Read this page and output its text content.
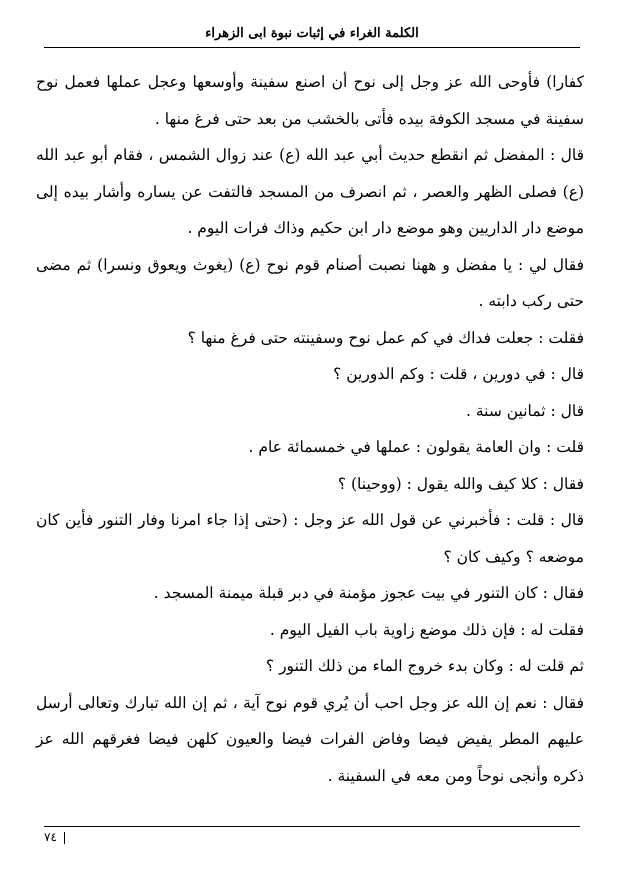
الكلمة الغراء في إثبات نبوة ابى الزهراء

كفارا) فأوحى الله عز وجل إلى نوح أن اصنع سفينة وأوسعها وعجل عملها فعمل نوح سفينة في مسجد الكوفة بيده فأتى بالخشب من بعد حتى فرغ منها .

قال : المفضل ثم انقطع حديث أبي عبد الله (ع) عند زوال الشمس ، فقام أبو عبد الله (ع) فصلى الظهر والعصر ، ثم انصرف من المسجد فالتفت عن يساره وأشار بيده إلى موضع دار الداريين وهو موضع دار ابن حكيم وذاك فرات اليوم .

فقال لي : يا مفضل و ههنا نصبت أصنام قوم نوح (ع) (يغوث ويعوق ونسرا) ثم مضى حتى ركب دابته .

فقلت : جعلت فداك في كم عمل نوح وسفينته حتى فرغ منها ؟

قال : في دورين ، قلت : وكم الدورين ؟

قال : ثمانين سنة .

قلت : وان العامة يقولون : عملها في خمسمائة عام .

فقال : كلا كيف والله يقول : (ووحينا) ؟

قال : قلت : فأخبرني عن قول الله عز وجل : (حتى إذا جاء امرنا وفار التنور فأين كان موضعه ؟ وكيف كان ؟

فقال : كان التنور في بيت عجوز مؤمنة في دبر قبلة ميمنة المسجد .

فقلت له : فإن ذلك موضع زاوية باب الفيل اليوم .

ثم قلت له : وكان بدء خروج الماء من ذلك التنور ؟

فقال : نعم إن الله عز وجل احب أن يُري قوم نوح آية ، ثم إن الله تبارك وتعالى أرسل عليهم المطر يفيض فيضا وفاض الفرات فيضا والعيون كلهن فيضا فغرقهم الله عز ذكره وأنجى نوحاً ومن معه في السفينة .

٧٤
